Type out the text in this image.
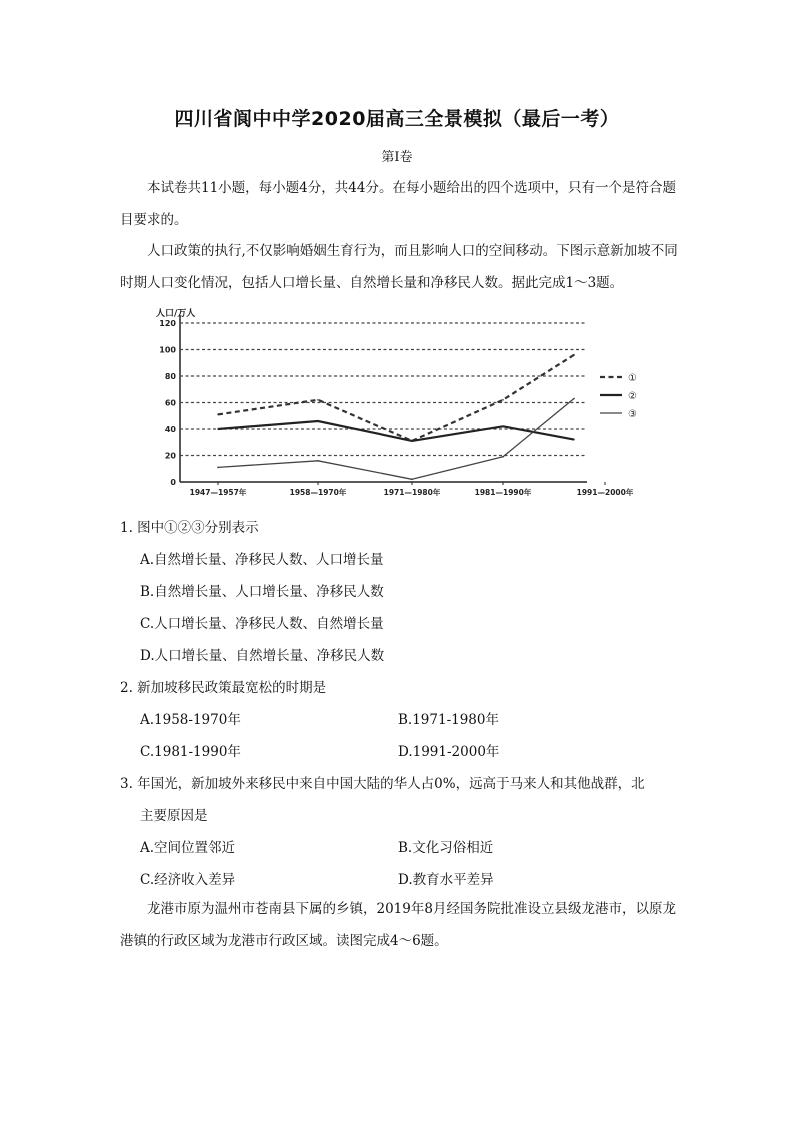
四川省阆中中学2020届高三全景模拟（最后一考）
第Ⅰ卷

本试卷共11小题，每小题4分，共44分。在每小题给出的四个选项中，只有一个是符合题目要求的。

人口政策的执行,不仅影响婚姻生育行为，而且影响人口的空间移动。下图示意新加坡不同时期人口变化情况，包括人口增长量、自然增长量和净移民人数。据此完成1～3题。

人口/万人
0
20
40
60
80
100
120
1947—1957年	1958—1970年	1971—1980年	1981—1990年	1991—2000年
①
②
③

1. 图中①②③分别表示

A.自然增长量、净移民人数、人口增长量

B.自然增长量、人口增长量、净移民人数

C.人口增长量、净移民人数、自然增长量

D.人口增长量、自然增长量、净移民人数

2. 新加坡移民政策最宽松的时期是

A.1958-1970年	B.1971-1980年

C.1981-1990年	D.1991-2000年

3. 年国光，新加坡外来移民中来自中国大陆的华人占0%，远高于马来人和其他战群，北

主要原因是

A.空间位置邻近	B.文化习俗相近

C.经济收入差异	D.教育水平差异

龙港市原为温州市苍南县下属的乡镇，2019年8月经国务院批准设立县级龙港市，以原龙港镇的行政区域为龙港市行政区域。读图完成4～6题。
